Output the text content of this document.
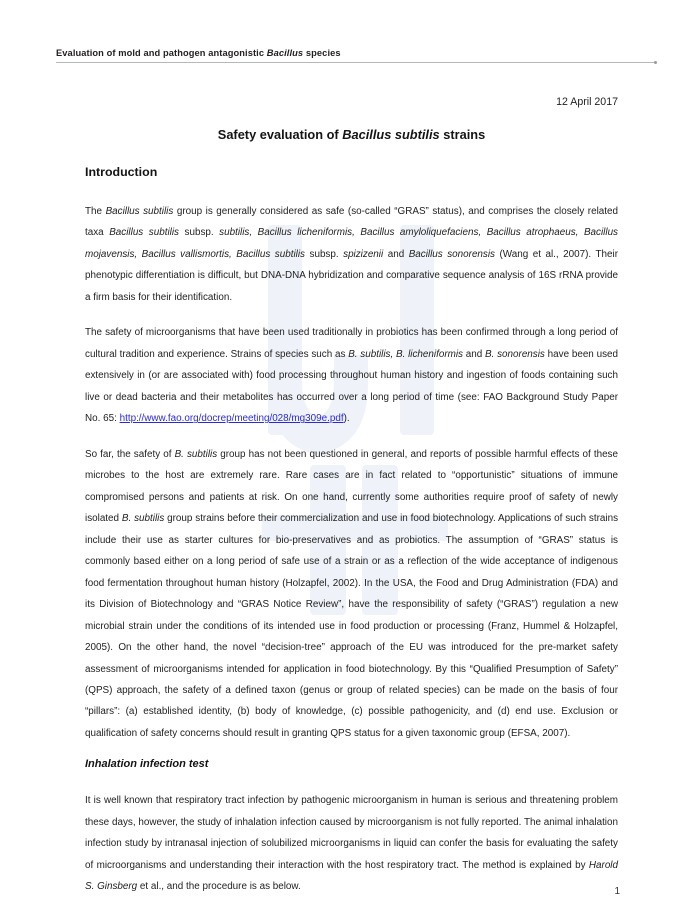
Evaluation of mold and pathogen antagonistic Bacillus species
12 April 2017
Safety evaluation of Bacillus subtilis strains
Introduction

The Bacillus subtilis group is generally considered as safe (so-called “GRAS” status), and comprises the closely related taxa Bacillus subtilis subsp. subtilis, Bacillus licheniformis, Bacillus amyloliquefaciens, Bacillus atrophaeus, Bacillus mojavensis, Bacillus vallismortis, Bacillus subtilis subsp. spizizenii and Bacillus sonorensis (Wang et al., 2007). Their phenotypic differentiation is difficult, but DNA-DNA hybridization and comparative sequence analysis of 16S rRNA provide a firm basis for their identification.

The safety of microorganisms that have been used traditionally in probiotics has been confirmed through a long period of cultural tradition and experience. Strains of species such as B. subtilis, B. licheniformis and B. sonorensis have been used extensively in (or are associated with) food processing throughout human history and ingestion of foods containing such live or dead bacteria and their metabolites has occurred over a long period of time (see: FAO Background Study Paper No. 65: http://www.fao.org/docrep/meeting/028/mg309e.pdf).

So far, the safety of B. subtilis group has not been questioned in general, and reports of possible harmful effects of these microbes to the host are extremely rare. Rare cases are in fact related to “opportunistic” situations of immune compromised persons and patients at risk. On one hand, currently some authorities require proof of safety of newly isolated B. subtilis group strains before their commercialization and use in food biotechnology. Applications of such strains include their use as starter cultures for bio-preservatives and as probiotics. The assumption of “GRAS” status is commonly based either on a long period of safe use of a strain or as a reflection of the wide acceptance of indigenous food fermentation throughout human history (Holzapfel, 2002). In the USA, the Food and Drug Administration (FDA) and its Division of Biotechnology and “GRAS Notice Review”, have the responsibility of safety (“GRAS”) regulation a new microbial strain under the conditions of its intended use in food production or processing (Franz, Hummel & Holzapfel, 2005). On the other hand, the novel “decision-tree” approach of the EU was introduced for the pre-market safety assessment of microorganisms intended for application in food biotechnology. By this “Qualified Presumption of Safety” (QPS) approach, the safety of a defined taxon (genus or group of related species) can be made on the basis of four “pillars”: (a) established identity, (b) body of knowledge, (c) possible pathogenicity, and (d) end use. Exclusion or qualification of safety concerns should result in granting QPS status for a given taxonomic group (EFSA, 2007).

Inhalation infection test

It is well known that respiratory tract infection by pathogenic microorganism in human is serious and threatening problem these days, however, the study of inhalation infection caused by microorganism is not fully reported. The animal inhalation infection study by intranasal injection of solubilized microorganisms in liquid can confer the basis for evaluating the safety of microorganisms and understanding their interaction with the host respiratory tract. The method is explained by Harold S. Ginsberg et al., and the procedure is as below.	1
